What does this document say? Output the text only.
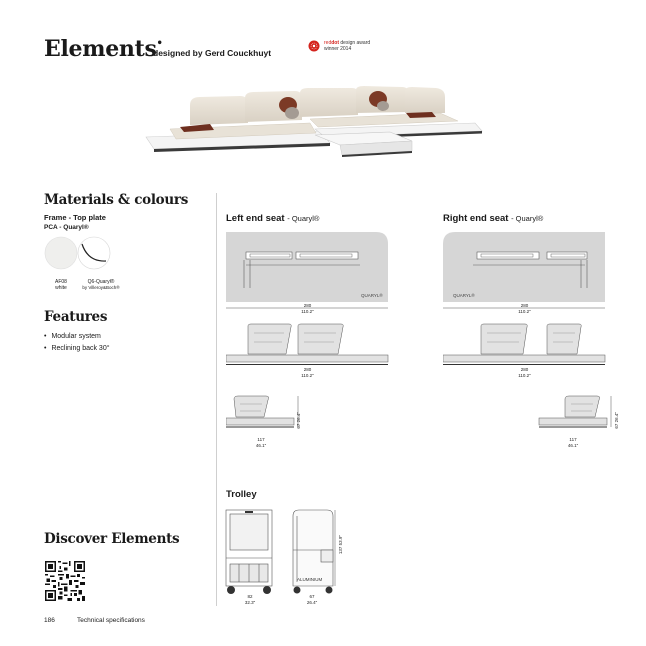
Elements•
designed by Gerd Couckhuyt
reddot design award
winner 2014
Materials & colours
Frame - Top plate
PCA - Quaryl®
AF08
white
Q6-Quaryl®
by Villeroy&Boch®
Features
• Modular system
• Reclining back 30°
Discover Elements
186	Technical specifications
Left end seat - Quaryl®
QUARYL®
280
110.2"
280
110.2"
67 26.4"
117
46.1"
Right end seat - Quaryl®
QUARYL®
280
110.2"
280
110.2"
67 26.4"
117
46.1"
Trolley
82
32.3"
ALUMINIUM
67
26.4"
137 53.9"
